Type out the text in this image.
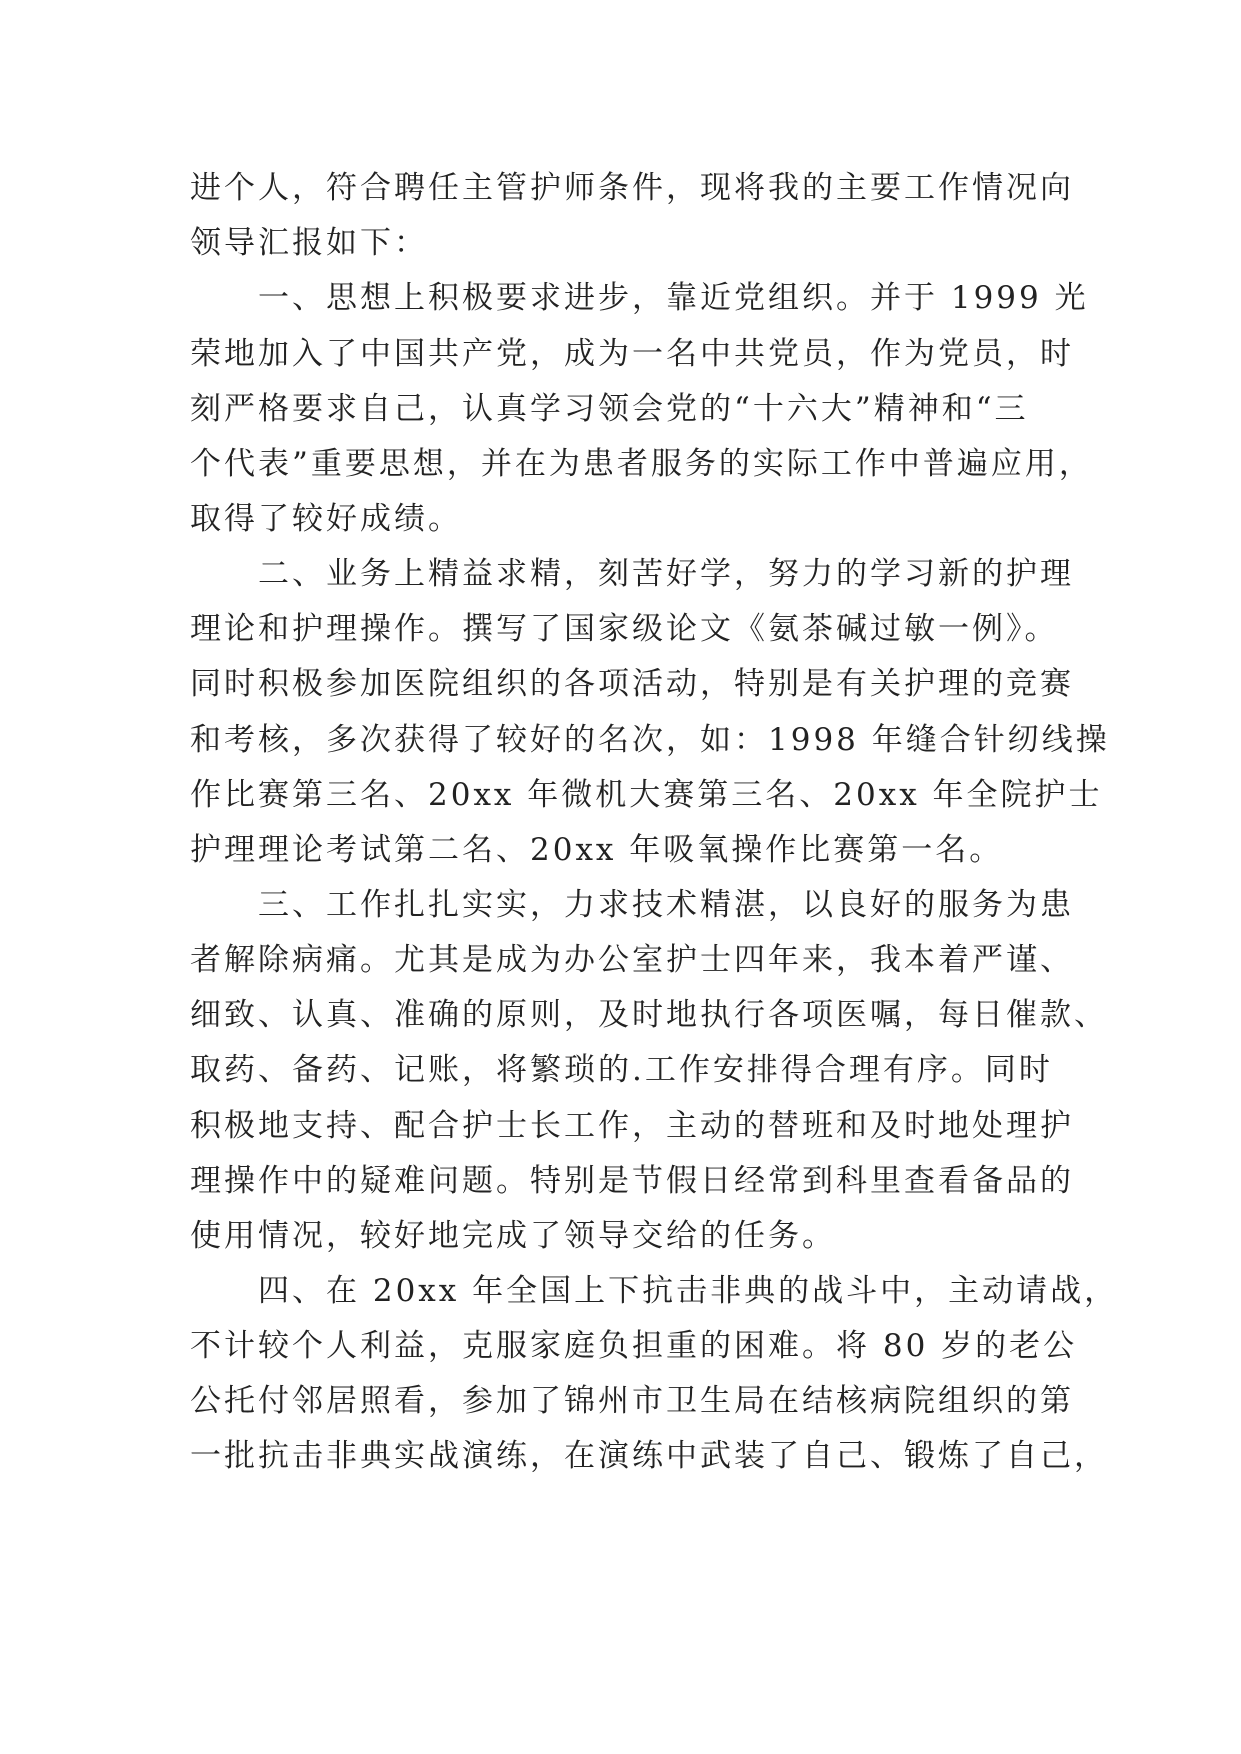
进个人，符合聘任主管护师条件，现将我的主要工作情况向
领导汇报如下：
　　一、思想上积极要求进步，靠近党组织。并于 1999 光
荣地加入了中国共产党，成为一名中共党员，作为党员，时
刻严格要求自己，认真学习领会党的“十六大”精神和“三
个代表”重要思想，并在为患者服务的实际工作中普遍应用，
取得了较好成绩。
　　二、业务上精益求精，刻苦好学，努力的学习新的护理
理论和护理操作。撰写了国家级论文《氨茶碱过敏一例》。
同时积极参加医院组织的各项活动，特别是有关护理的竞赛
和考核，多次获得了较好的名次，如：1998 年缝合针纫线操
作比赛第三名、20xx 年微机大赛第三名、20xx 年全院护士
护理理论考试第二名、20xx 年吸氧操作比赛第一名。
　　三、工作扎扎实实，力求技术精湛，以良好的服务为患
者解除病痛。尤其是成为办公室护士四年来，我本着严谨、
细致、认真、准确的原则，及时地执行各项医嘱，每日催款、
取药、备药、记账，将繁琐的.工作安排得合理有序。同时
积极地支持、配合护士长工作，主动的替班和及时地处理护
理操作中的疑难问题。特别是节假日经常到科里查看备品的
使用情况，较好地完成了领导交给的任务。
　　四、在 20xx 年全国上下抗击非典的战斗中，主动请战，
不计较个人利益，克服家庭负担重的困难。将 80 岁的老公
公托付邻居照看，参加了锦州市卫生局在结核病院组织的第
一批抗击非典实战演练，在演练中武装了自己、锻炼了自己，
